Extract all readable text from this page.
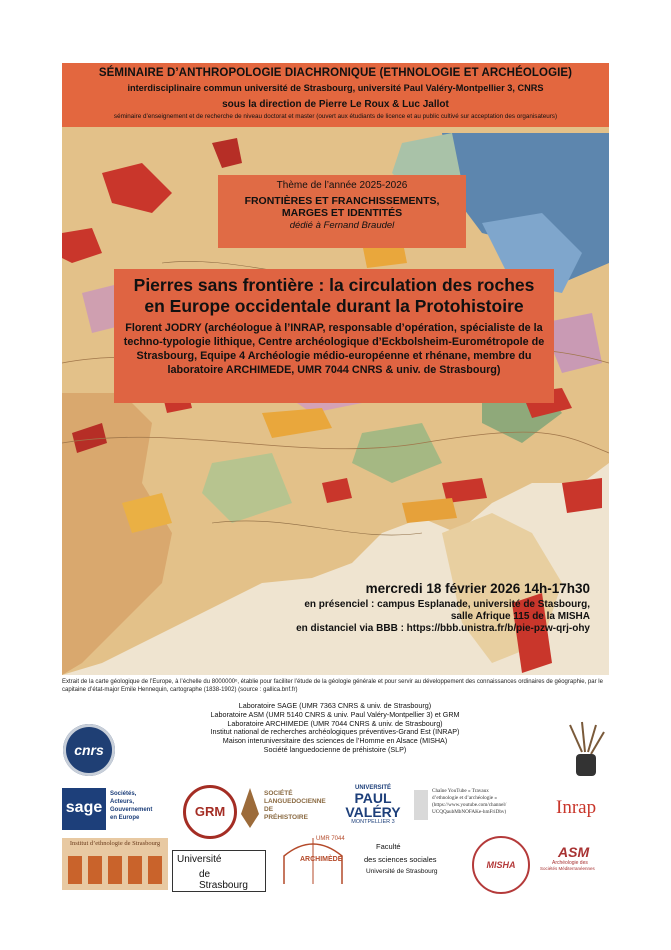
SÉMINAIRE D’ANTHROPOLOGIE DIACHRONIQUE (ETHNOLOGIE ET ARCHÉOLOGIE)
interdisciplinaire commun université de Strasbourg, université Paul Valéry-Montpellier 3, CNRS
sous la direction de Pierre Le Roux & Luc Jallot
séminaire d’enseignement et de recherche de niveau doctorat et master (ouvert aux étudiants de licence et au public cultivé sur acceptation des organisateurs)
Thème de l’année 2025-2026
FRONTIÈRES ET FRANCHISSEMENTS,
MARGES ET IDENTITÉS
dédié à Fernand Braudel
Pierres sans frontière : la circulation des roches
en Europe occidentale durant la Protohistoire
Florent JODRY (archéologue à l’INRAP, responsable d’opération, spécialiste de la techno-typologie lithique, Centre archéologique d’Eckbolsheim-Eurométropole de Strasbourg, Equipe 4 Archéologie médio-européenne et rhénane, membre du laboratoire ARCHIMEDE, UMR 7044 CNRS & univ. de Strasbourg)
mercredi 18 février 2026 14h-17h30
en présenciel : campus Esplanade, université de Stasbourg,
salle Afrique 115 de la MISHA
en distanciel via BBB : https://bbb.unistra.fr/b/pie-pzw-qrj-ohy
Extrait de la carte géologique de l’Europe, à l’échelle du 8000000ᵉ, établie pour faciliter l’étude de la géologie générale et pour servir au développement des connaissances ordinaires de géographie, par le capitaine d’état-major Emile Hennequin, cartographe (1838-1902) (source : gallica.bnf.fr)
Laboratoire SAGE (UMR 7363 CNRS & univ. de Strasbourg)
Laboratoire ASM (UMR 5140 CNRS & univ. Paul Valéry-Montpellier 3) et GRM
Laboratoire ARCHIMEDE (UMR 7044 CNRS & univ. de Strasbourg)
Institut national de recherches archéologiques préventives-Grand Est (INRAP)
Maison interuniversitaire des sciences de l’Homme en Alsace (MISHA)
Société languedocienne de préhistoire (SLP)
cnrs
sage
Sociétés,
Acteurs,
Gouvernement
en Europe	GRM
SOCIÉTÉ
LANGUEDOCIENNE
DE
PRÉHISTOIRE
UNIVERSITÉ
PAUL
VALÉRY
MONTPELLIER 3
Chaîne YouTube « Travaux
d’ethnologie et d’archéologie »
(https://www.youtube.com/channel/
UCQQaubMbNOFAKe-hmFriDbv)	Inrap
Institut d’ethnologie de Strasbourg
Université
de Strasbourg
UMR 7044
ARCHIMÈDE
Faculté
des sciences sociales
Université de Strasbourg
MISHA
ASM
Archéologie des
Sociétés Méditerranéennes
